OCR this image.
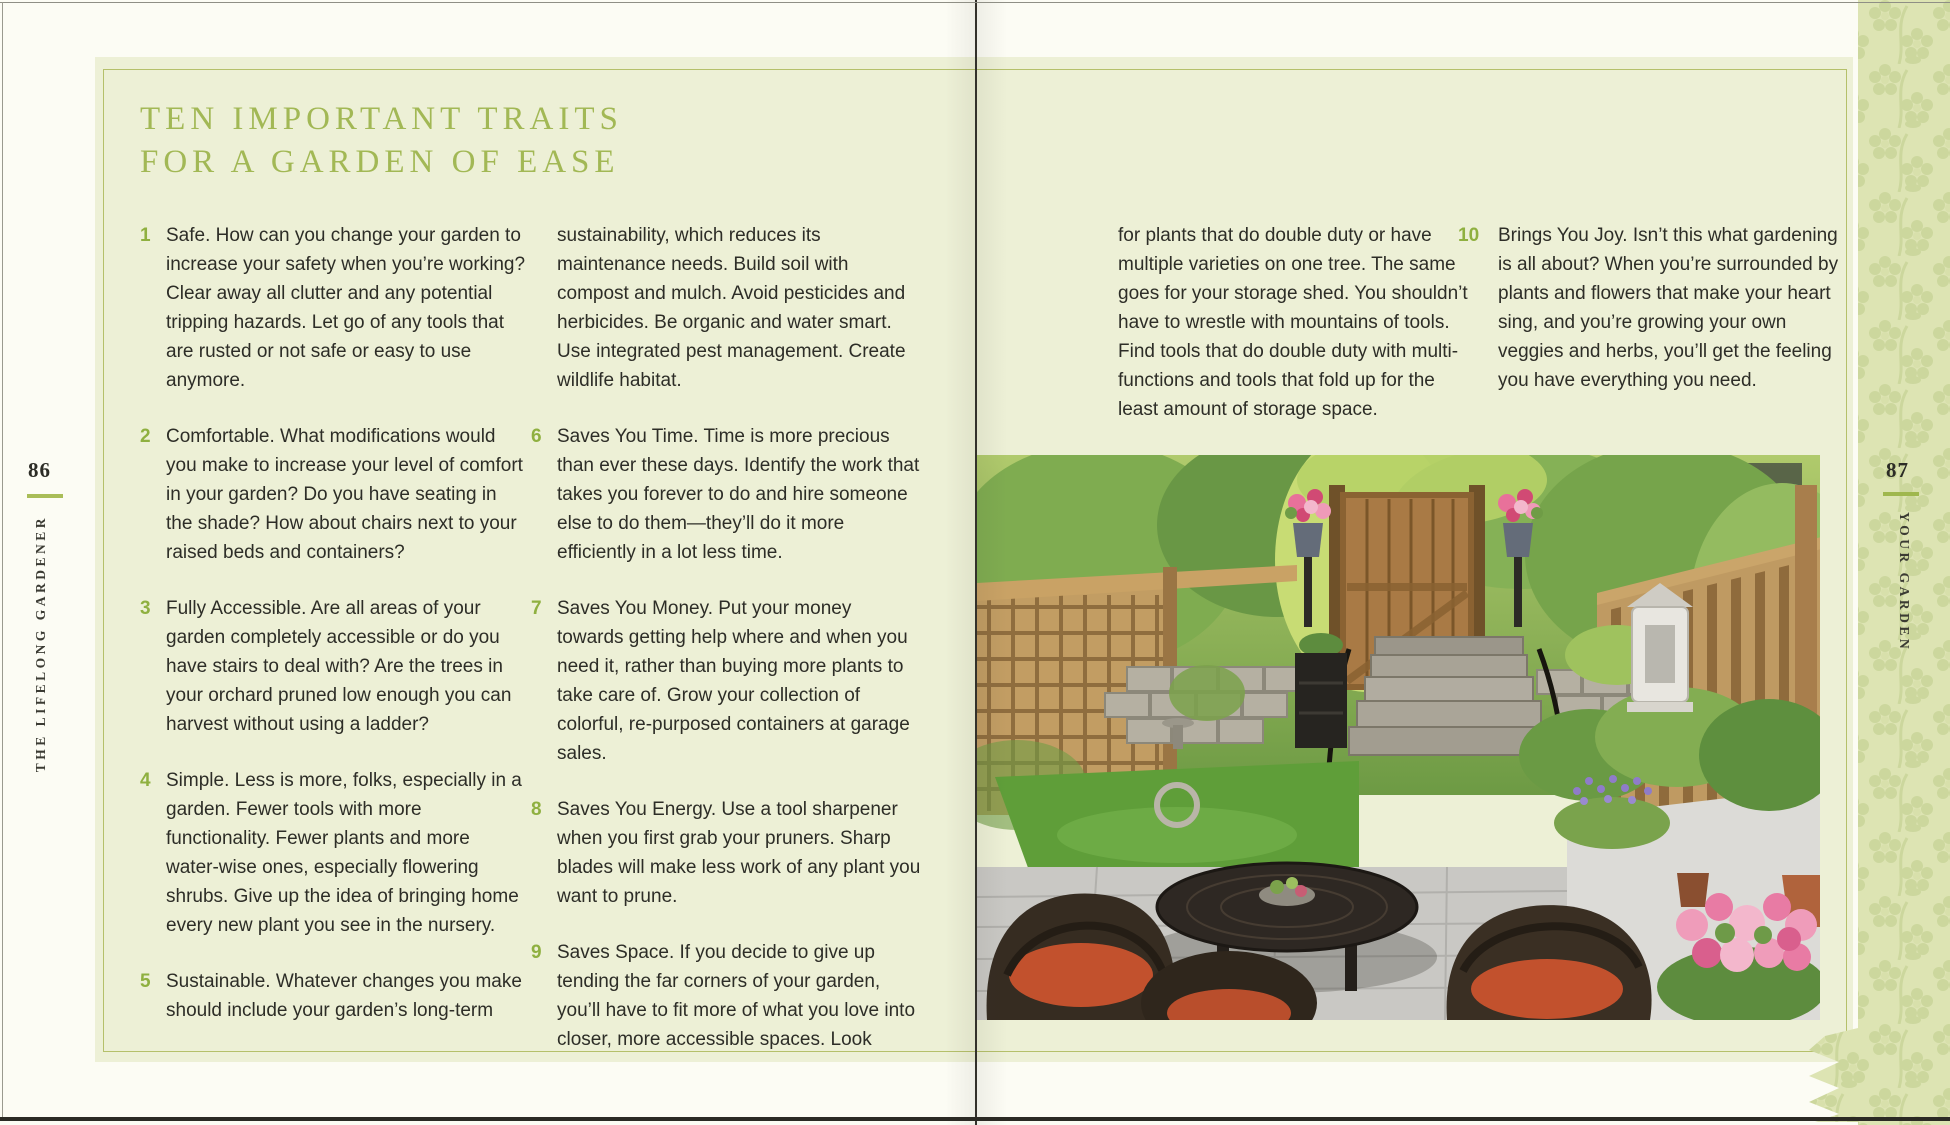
TEN IMPORTANT TRAITS
FOR A GARDEN OF EASE
1 Safe. How can you change your garden to increase your safety when you’re working? Clear away all clutter and any potential tripping hazards. Let go of any tools that are rusted or not safe or easy to use anymore.
2 Comfortable. What modifications would you make to increase your level of comfort in your garden? Do you have seating in the shade? How about chairs next to your raised beds and containers?
3 Fully Accessible. Are all areas of your garden completely accessible or do you have stairs to deal with? Are the trees in your orchard pruned low enough you can harvest without using a ladder?
4 Simple. Less is more, folks, especially in a garden. Fewer tools with more functionality. Fewer plants and more water-wise ones, especially flowering shrubs. Give up the idea of bringing home every new plant you see in the nursery.
5 Sustainable. Whatever changes you make should include your garden’s long-term
sustainability, which reduces its maintenance needs. Build soil with compost and mulch. Avoid pesticides and herbicides. Be organic and water smart. Use integrated pest management. Create wildlife habitat.
6 Saves You Time. Time is more precious than ever these days. Identify the work that takes you forever to do and hire someone else to do them—they’ll do it more efficiently in a lot less time.
7 Saves You Money. Put your money towards getting help where and when you need it, rather than buying more plants to take care of. Grow your collection of colorful, re-purposed containers at garage sales.
8 Saves You Energy. Use a tool sharpener when you first grab your pruners. Sharp blades will make less work of any plant you want to prune.
9 Saves Space. If you decide to give up tending the far corners of your garden, you’ll have to fit more of what you love into closer, more accessible spaces. Look
for plants that do double duty or have multiple varieties on one tree. The same goes for your storage shed. You shouldn’t have to wrestle with mountains of tools. Find tools that do double duty with multi-functions and tools that fold up for the least amount of storage space.
10 Brings You Joy. Isn’t this what gardening is all about? When you’re surrounded by plants and flowers that make your heart sing, and you’re growing your own veggies and herbs, you’ll get the feeling you have everything you need.
86
THE LIFELONG GARDENER
87
YOUR GARDEN
